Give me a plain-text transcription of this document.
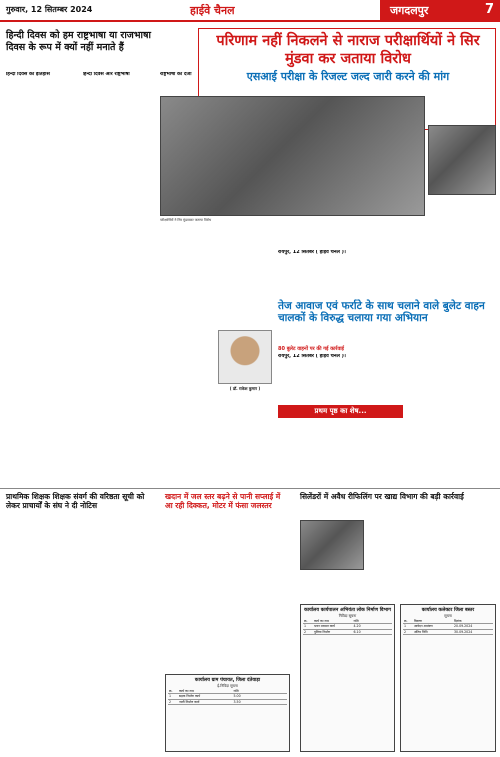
गुरुवार, 12 सितम्बर 2024	हाईवे चैनल	जगदलपुर	7
हिन्दी दिवस को हम राष्ट्रभाषा या राजभाषा दिवस के रूप में क्यों नहीं मनाते हैं
हिन्दी दिवस का इतिहास	हिन्दी दिवस और राष्ट्रभाषा	राष्ट्रभाषा का दर्जा
( डॉ. राकेश कुमार )
परिणाम नहीं निकलने से नाराज परीक्षार्थियों ने सिर मुंडवा कर जताया विरोध
एसआई परीक्षा के रिजल्ट जल्द जारी करने की मांग
परीक्षार्थियों ने सिर मुंडवाकर जताया विरोध
रायपुर, 12 सितंबर ( हाईवे चैनल )।
तेज आवाज एवं फर्राटे के साथ चलाने वाले बुलेट वाहन चालकों के विरुद्ध चलाया गया अभियान
80 बुलेट वाहनों पर की गई कार्रवाई
रायपुर, 12 सितंबर ( हाईवे चैनल )।
प्रथम पृष्ठ का शेष...
प्राथमिक शिक्षक शिक्षक संवर्ग की वरिष्ठता सूची को लेकर प्राचार्यों के संघ ने दी नोटिस
खदान में जल स्तर बढ़ने से पानी सप्लाई में आ रही दिक्कत, मोटर में फंसा जलस्तर
सिलेंडरों में अवैध रीफिलिंग पर खाद्य विभाग की बड़ी कार्रवाई
कार्यालय ग्राम पंचायत, जिला दंतेवाड़ा
ई-निविदा सूचना
क्र.	कार्य का नाम	राशि
1	सड़क निर्माण कार्य	5.00
2	नाली निर्माण कार्य	3.50
कार्यालय कार्यपालन अभियंता लोक निर्माण विभाग
निविदा सूचना
क्र.	कार्य का नाम	राशि
1	भवन मरम्मत कार्य	4.20
2	पुलिया निर्माण	6.10
कार्यालय कलेक्टर जिला बस्तर
सूचना
क्र.	विवरण	दिनांक
1	आवेदन आमंत्रण	20.09.2024
2	अंतिम तिथि	30.09.2024
